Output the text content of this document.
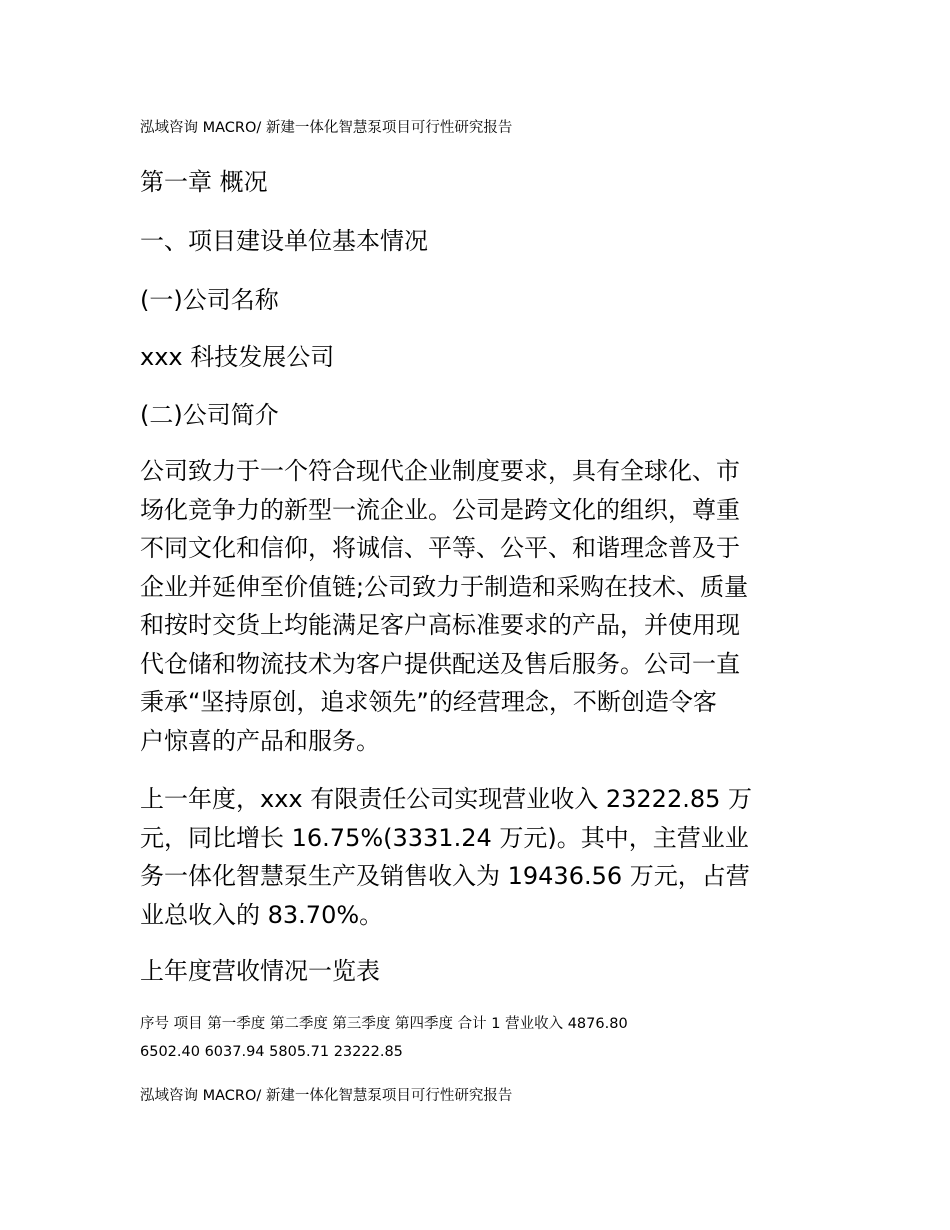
泓域咨询 MACRO/ 新建一体化智慧泵项目可行性研究报告
第一章 概况
一、项目建设单位基本情况
(一)公司名称
xxx 科技发展公司
(二)公司简介
公司致力于一个符合现代企业制度要求，具有全球化、市
场化竞争力的新型一流企业。公司是跨文化的组织，尊重
不同文化和信仰，将诚信、平等、公平、和谐理念普及于
企业并延伸至价值链;公司致力于制造和采购在技术、质量
和按时交货上均能满足客户高标准要求的产品，并使用现
代仓储和物流技术为客户提供配送及售后服务。公司一直
秉承“坚持原创，追求领先”的经营理念，不断创造令客
户惊喜的产品和服务。
上一年度，xxx 有限责任公司实现营业收入 23222.85 万
元，同比增长 16.75%(3331.24 万元)。其中，主营业业
务一体化智慧泵生产及销售收入为 19436.56 万元，占营
业总收入的 83.70%。
上年度营收情况一览表
序号 项目 第一季度 第二季度 第三季度 第四季度 合计 1 营业收入 4876.80
6502.40 6037.94 5805.71 23222.85
泓域咨询 MACRO/ 新建一体化智慧泵项目可行性研究报告
